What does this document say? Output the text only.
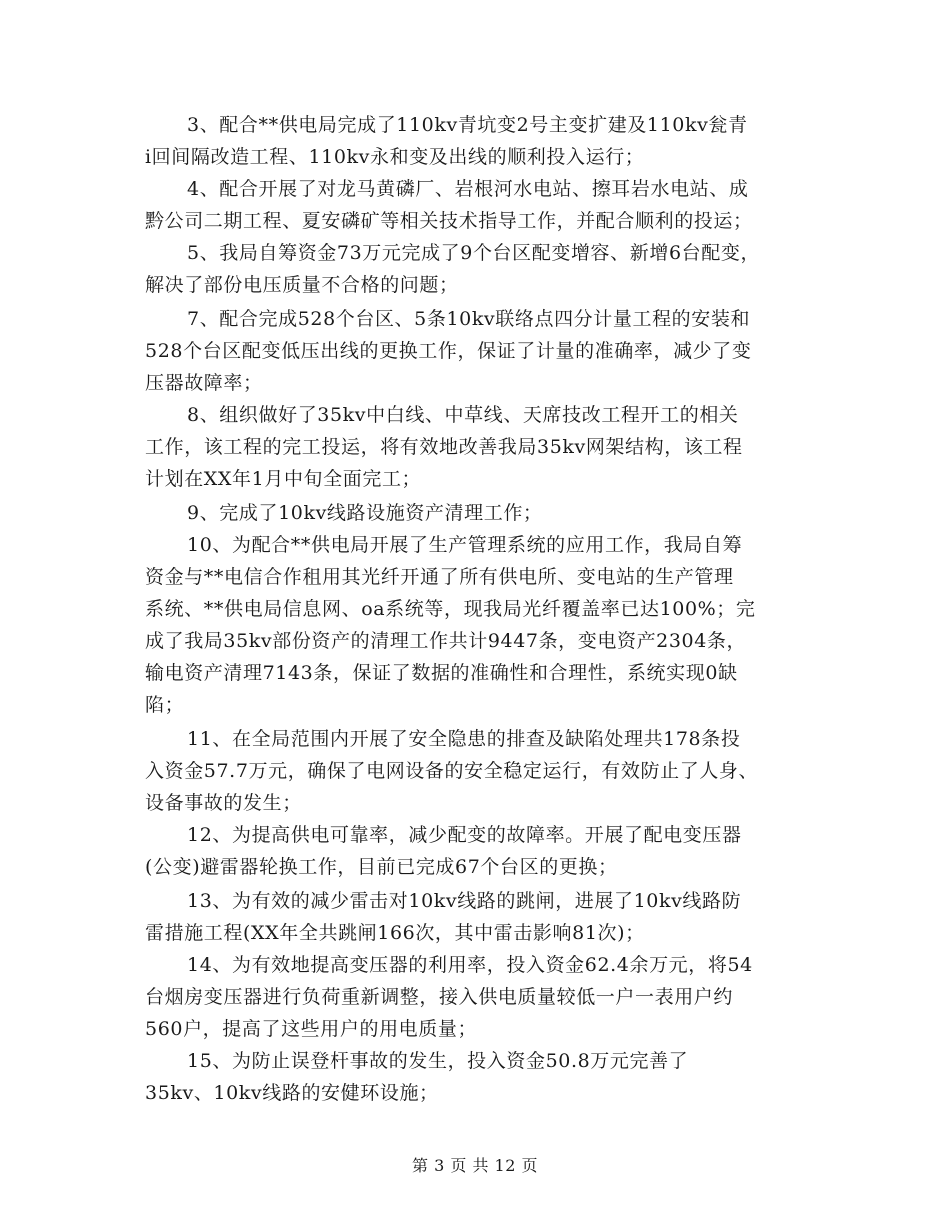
3、配合**供电局完成了110kv青坑变2号主变扩建及110kv瓮青

ⅰ回间隔改造工程、110kv永和变及出线的顺利投入运行；

4、配合开展了对龙马黄磷厂、岩根河水电站、擦耳岩水电站、成

黔公司二期工程、夏安磷矿等相关技术指导工作，并配合顺利的投运；

5、我局自筹资金73万元完成了9个台区配变增容、新增6台配变，

解决了部份电压质量不合格的问题；

7、配合完成528个台区、5条10kv联络点四分计量工程的安装和

528个台区配变低压出线的更换工作，保证了计量的准确率，减少了变

压器故障率；

8、组织做好了35kv中白线、中草线、天席技改工程开工的相关

工作，该工程的完工投运，将有效地改善我局35kv网架结构，该工程

计划在XX年1月中旬全面完工；

9、完成了10kv线路设施资产清理工作；

10、为配合**供电局开展了生产管理系统的应用工作，我局自筹

资金与**电信合作租用其光纤开通了所有供电所、变电站的生产管理

系统、**供电局信息网、oa系统等，现我局光纤覆盖率已达100%；完

成了我局35kv部份资产的清理工作共计9447条，变电资产2304条，

输电资产清理7143条，保证了数据的准确性和合理性，系统实现0缺

陷；

11、在全局范围内开展了安全隐患的排查及缺陷处理共178条投

入资金57.7万元，确保了电网设备的安全稳定运行，有效防止了人身、

设备事故的发生；

12、为提高供电可靠率，减少配变的故障率。开展了配电变压器

(公变)避雷器轮换工作，目前已完成67个台区的更换；

13、为有效的减少雷击对10kv线路的跳闸，进展了10kv线路防

雷措施工程(XX年全共跳闸166次，其中雷击影响81次)；

14、为有效地提高变压器的利用率，投入资金62.4余万元，将54

台烟房变压器进行负荷重新调整，接入供电质量较低一户一表用户约

560户，提高了这些用户的用电质量；

15、为防止误登杆事故的发生，投入资金50.8万元完善了

35kv、10kv线路的安健环设施；

第 3 页 共 12 页
